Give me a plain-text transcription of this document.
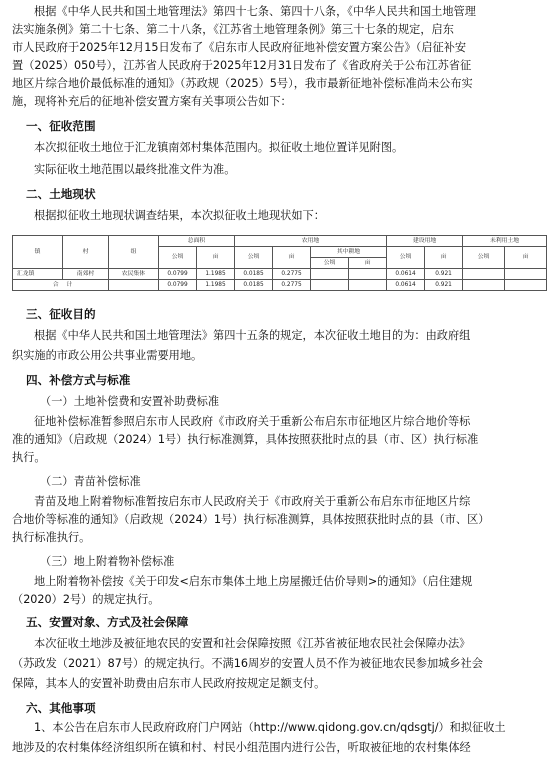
根据《中华人民共和国土地管理法》第四十七条、第四十八条，《中华人民共和国土地管理

法实施条例》第二十七条、第二十八条，《江苏省土地管理条例》第三十七条的规定，启东

市人民政府于2025年12月15日发布了《启东市人民政府征地补偿安置方案公告》（启征补安

置（2025）050号），江苏省人民政府于2025年12月31日发布了《省政府关于公布江苏省征

地区片综合地价最低标准的通知》（苏政规（2025）5号），我市最新征地补偿标准尚未公布实

施，现将补充后的征地补偿安置方案有关事项公告如下：

一、征收范围

本次拟征收土地位于汇龙镇南郊村集体范围内。拟征收土地位置详见附图。

实际征收土地范围以最终批准文件为准。

二、土地现状

根据拟征收土地现状调查结果，本次拟征收土地现状如下：

镇	村	组	总面积		农用地				建设用地		未利用土地	
			公顷	亩	公顷	亩	其中耕地		公顷	亩	公顷	亩
							公顷	亩				
汇龙镇	南郊村	农民集体	0.0799	1.1985	0.0185	0.2775			0.0614	0.921		
合	计		0.0799	1.1985	0.0185	0.2775			0.0614	0.921		

三、征收目的

根据《中华人民共和国土地管理法》第四十五条的规定，本次征收土地目的为：由政府组

织实施的市政公用公共事业需要用地。

四、补偿方式与标准

（一）土地补偿费和安置补助费标准

征地补偿标准暂参照启东市人民政府《市政府关于重新公布启东市征地区片综合地价等标

准的通知》（启政规（2024）1号）执行标准测算，具体按照获批时点的县（市、区）执行标准

执行。

（二）青苗补偿标准

青苗及地上附着物标准暂按启东市人民政府关于《市政府关于重新公布启东市征地区片综

合地价等标准的通知》（启政规（2024）1号）执行标准测算，具体按照获批时点的县（市、区）

执行标准执行。

（三）地上附着物补偿标准

地上附着物补偿按《关于印发<启东市集体土地上房屋搬迁估价导则>的通知》（启住建规

（2020）2号）的规定执行。

五、安置对象、方式及社会保障

本次征收土地涉及被征地农民的安置和社会保障按照《江苏省被征地农民社会保障办法》

（苏政发（2021）87号）的规定执行。不满16周岁的安置人员不作为被征地农民参加城乡社会

保障，其本人的安置补助费由启东市人民政府按规定足额支付。

六、其他事项

1、本公告在启东市人民政府政府门户网站（http://www.qidong.gov.cn/qdsgtj/）和拟征收土

地涉及的农村集体经济组织所在镇和村、村民小组范围内进行公告，听取被征地的农村集体经
